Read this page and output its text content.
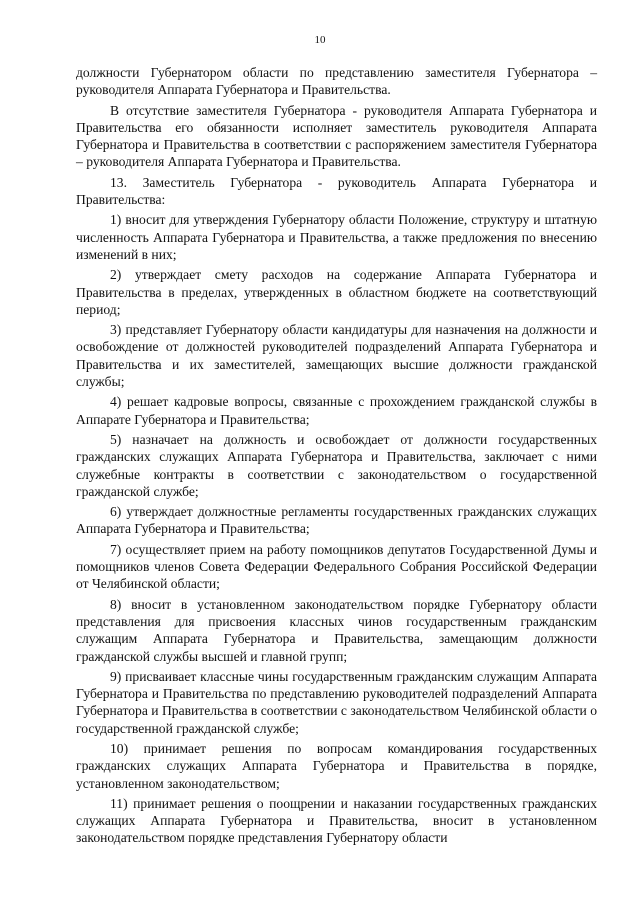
10

должности Губернатором области по представлению заместителя Губернатора – руководителя Аппарата Губернатора и Правительства.

В отсутствие заместителя Губернатора - руководителя Аппарата Губернатора и Правительства его обязанности исполняет заместитель руководителя Аппарата Губернатора и Правительства в соответствии с распоряжением заместителя Губернатора – руководителя Аппарата Губернатора и Правительства.

13. Заместитель Губернатора - руководитель Аппарата Губернатора и Правительства:

1) вносит для утверждения Губернатору области Положение, структуру и штатную численность Аппарата Губернатора и Правительства, а также предложения по внесению изменений в них;

2) утверждает смету расходов на содержание Аппарата Губернатора и Правительства в пределах, утвержденных в областном бюджете на соответствующий период;

3) представляет Губернатору области кандидатуры для назначения на должности и освобождение от должностей руководителей подразделений Аппарата Губернатора и Правительства и их заместителей, замещающих высшие должности гражданской службы;

4) решает кадровые вопросы, связанные с прохождением гражданской службы в Аппарате Губернатора и Правительства;

5) назначает на должность и освобождает от должности государственных гражданских служащих Аппарата Губернатора и Правительства, заключает с ними служебные контракты в соответствии с законодательством о государственной гражданской службе;

6) утверждает должностные регламенты государственных гражданских служащих Аппарата Губернатора и Правительства;

7) осуществляет прием на работу помощников депутатов Государственной Думы и помощников членов Совета Федерации Федерального Собрания Российской Федерации от Челябинской области;

8) вносит в установленном законодательством порядке Губернатору области представления для присвоения классных чинов государственным гражданским служащим Аппарата Губернатора и Правительства, замещающим должности гражданской службы высшей и главной групп;

9) присваивает классные чины государственным гражданским служащим Аппарата Губернатора и Правительства по представлению руководителей подразделений Аппарата Губернатора и Правительства в соответствии с законодательством Челябинской области о государственной гражданской службе;

10) принимает решения по вопросам командирования государственных гражданских служащих Аппарата Губернатора и Правительства в порядке, установленном законодательством;

11) принимает решения о поощрении и наказании государственных гражданских служащих Аппарата Губернатора и Правительства, вносит в установленном законодательством порядке представления Губернатору области
